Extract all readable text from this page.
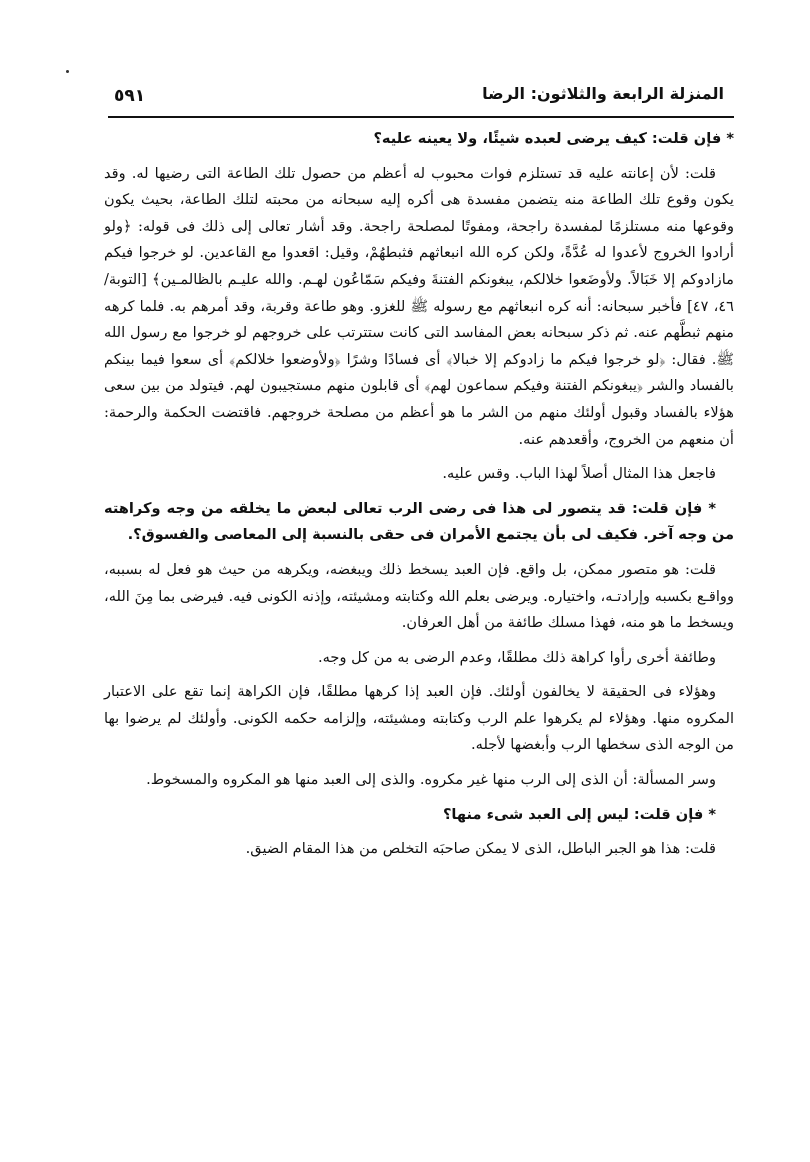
٥٩١	المنزلة الرابعة والثلاثون: الرضا

* فإن قلت: كيف يرضى لعبده شيئًا، ولا يعينه عليه؟

قلت: لأن إعانته عليه قد تستلزم فوات محبوب له أعظم من حصول تلك الطاعة التى رضيها له. وقد يكون وقوع تلك الطاعة منه يتضمن مفسدة هى أكره إليه سبحانه من محبته لتلك الطاعة، بحيث يكون وقوعها منه مستلزمًا لمفسدة راجحة، ومفوتًا لمصلحة راجحة. وقد أشار تعالى إلى ذلك فى قوله: ﴿ولو أرادوا الخروج لأعدوا له عُدَّةً، ولكن كره الله انبعاثهم فثبطهُمْ، وقيل: اقعدوا مع القاعدين. لو خرجوا فيكم مازادوكم إلا خَبَالاً. ولأوضَعوا خلالكم، يبغونكم الفتنةَ وفيكم سَمّاعُون لهـم. والله عليـم بالظالمـين﴾ [التوبة/ ٤٦، ٤٧] فأخبر سبحانه: أنه كره انبعاثهم مع رسوله ﷺ للغزو. وهو طاعة وقربة، وقد أمرهم به. فلما كرهه منهم ثبطَّهم عنه. ثم ذكر سبحانه بعض المفاسد التى كانت ستترتب على خروجهم لو خرجوا مع رسول الله ﷺ. فقال: ﴿لو خرجوا فيكم ما زادوكم إلا خبالا﴾ أى فسادًا وشرًا ﴿ولأوضعوا خلالكم﴾ أى سعوا فيما بينكم بالفساد والشر ﴿يبغونكم الفتنة وفيكم سماعون لهم﴾ أى قابلون منهم مستجيبون لهم. فيتولد من بين سعى هؤلاء بالفساد وقبول أولئك منهم من الشر ما هو أعظم من مصلحة خروجهم. فاقتضت الحكمة والرحمة: أن منعهم من الخروج، وأقعدهم عنه.

فاجعل هذا المثال أصلاً لهذا الباب. وقس عليه.

* فإن قلت: قد يتصور لى هذا فى رضى الرب تعالى لبعض ما يخلقه من وجه وكراهته من وجه آخر. فكيف لى بأن يجتمع الأمران فى حقى بالنسبة إلى المعاصى والفسوق؟.

قلت: هو متصور ممكن، بل واقع. فإن العبد يسخط ذلك ويبغضه، ويكرهه من حيث هو فعل له بسببه، وواقـع بكسبه وإرادتـه، واختياره. ويرضى بعلم الله وكتابته ومشيئته، وإذنه الكونى فيه. فيرضى بما مِنَ الله، ويسخط ما هو منه، فهذا مسلك طائفة من أهل العرفان.

وطائفة أخرى رأوا كراهة ذلك مطلقًا، وعدم الرضى به من كل وجه.

وهؤلاء فى الحقيقة لا يخالفون أولئك. فإن العبد إذا كرهها مطلقًا، فإن الكراهة إنما تقع على الاعتبار المكروه منها. وهؤلاء لم يكرهوا علم الرب وكتابته ومشيئته، وإلزامه حكمه الكونى. وأولئك لم يرضوا بها من الوجه الذى سخطها الرب وأبغضها لأجله.

وسر المسألة: أن الذى إلى الرب منها غير مكروه. والذى إلى العبد منها هو المكروه والمسخوط.

* فإن قلت: ليس إلى العبد شىء منها؟

قلت: هذا هو الجبر الباطل، الذى لا يمكن صاحبَه التخلص من هذا المقام الضيق.
